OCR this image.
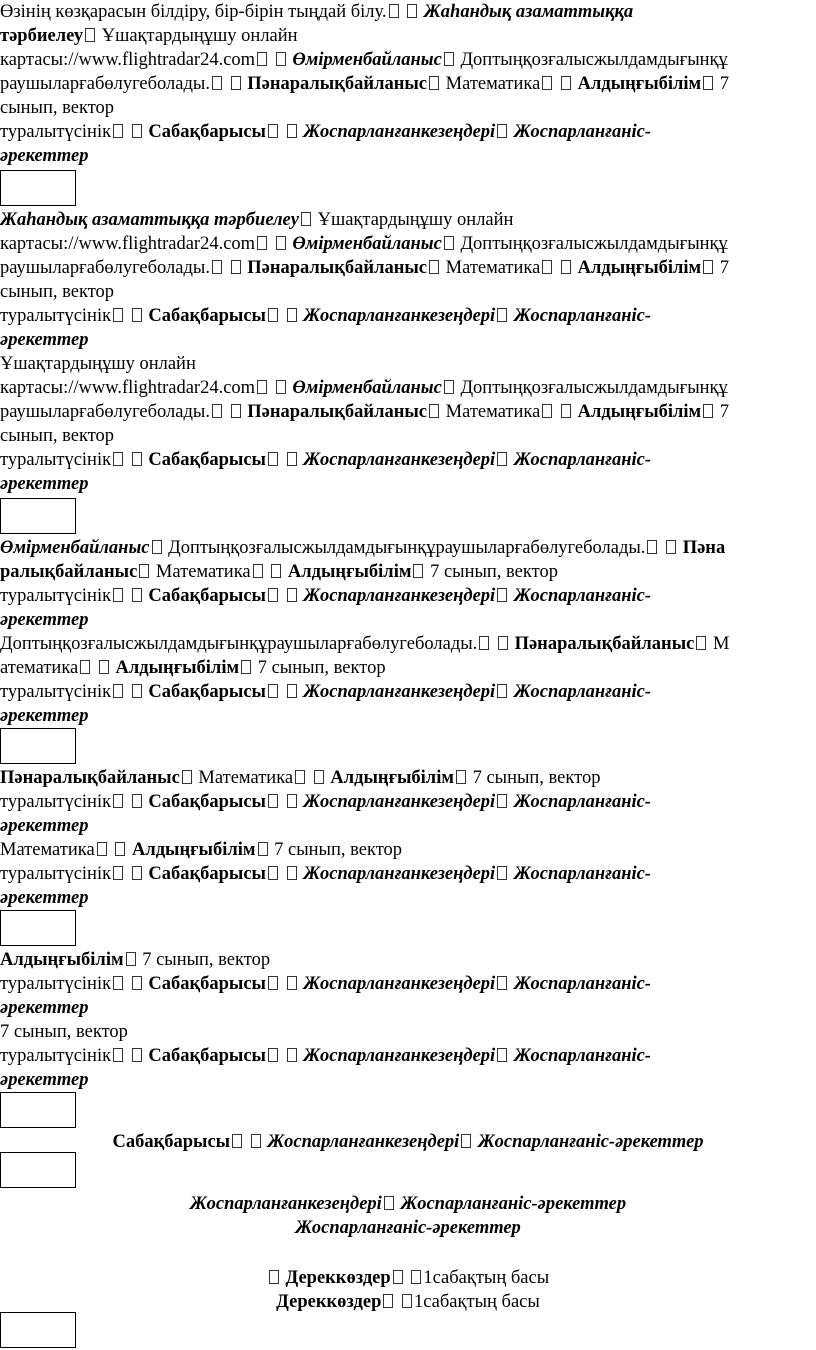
Өзінің көзқарасын білдіру, бір-бірін тыңдай білу. Жаһандық азаматтыққа
тәрбиелеу Ұшақтардыңұшу онлайн
картасы://www.flightradar24.com Өмірменбайланыс Доптыңқозғалысжылдамдығынқұ
раушыларғабөлугеболады. Пәнаралықбайланыс Математика Алдыңғыбілім 7
сынып, вектор
туралытүсінік Сабақбарысы Жоспарланғанкезеңдері Жоспарланғаніс-
әрекеттер
Жаһандық азаматтыққа тәрбиелеу Ұшақтардыңұшу онлайн
картасы://www.flightradar24.com Өмірменбайланыс Доптыңқозғалысжылдамдығынқұ
раушыларғабөлугеболады. Пәнаралықбайланыс Математика Алдыңғыбілім 7
сынып, вектор
туралытүсінік Сабақбарысы Жоспарланғанкезеңдері Жоспарланғаніс-
әрекеттер
Ұшақтардыңұшу онлайн
картасы://www.flightradar24.com Өмірменбайланыс Доптыңқозғалысжылдамдығынқұ
раушыларғабөлугеболады. Пәнаралықбайланыс Математика Алдыңғыбілім 7
сынып, вектор
туралытүсінік Сабақбарысы Жоспарланғанкезеңдері Жоспарланғаніс-
әрекеттер
Өмірменбайланыс Доптыңқозғалысжылдамдығынқұраушыларғабөлугеболады. Пәна
ралықбайланыс Математика Алдыңғыбілім 7 сынып, вектор
туралытүсінік Сабақбарысы Жоспарланғанкезеңдері Жоспарланғаніс-
әрекеттер
Доптыңқозғалысжылдамдығынқұраушыларғабөлугеболады. Пәнаралықбайланыс М
атематика Алдыңғыбілім 7 сынып, вектор
туралытүсінік Сабақбарысы Жоспарланғанкезеңдері Жоспарланғаніс-
әрекеттер
Пәнаралықбайланыс Математика Алдыңғыбілім 7 сынып, вектор
туралытүсінік Сабақбарысы Жоспарланғанкезеңдері Жоспарланғаніс-
әрекеттер
Математика Алдыңғыбілім 7 сынып, вектор
туралытүсінік Сабақбарысы Жоспарланғанкезеңдері Жоспарланғаніс-
әрекеттер
Алдыңғыбілім 7 сынып, вектор
туралытүсінік Сабақбарысы Жоспарланғанкезеңдері Жоспарланғаніс-
әрекеттер
7 сынып, вектор
туралытүсінік Сабақбарысы Жоспарланғанкезеңдері Жоспарланғаніс-
әрекеттер
Сабақбарысы Жоспарланғанкезеңдері Жоспарланғаніс-әрекеттер
Жоспарланғанкезеңдері Жоспарланғаніс-әрекеттер
Жоспарланғаніс-әрекеттер
Дереккөздер 1сабақтың басы
Дереккөздер 1сабақтың басы
